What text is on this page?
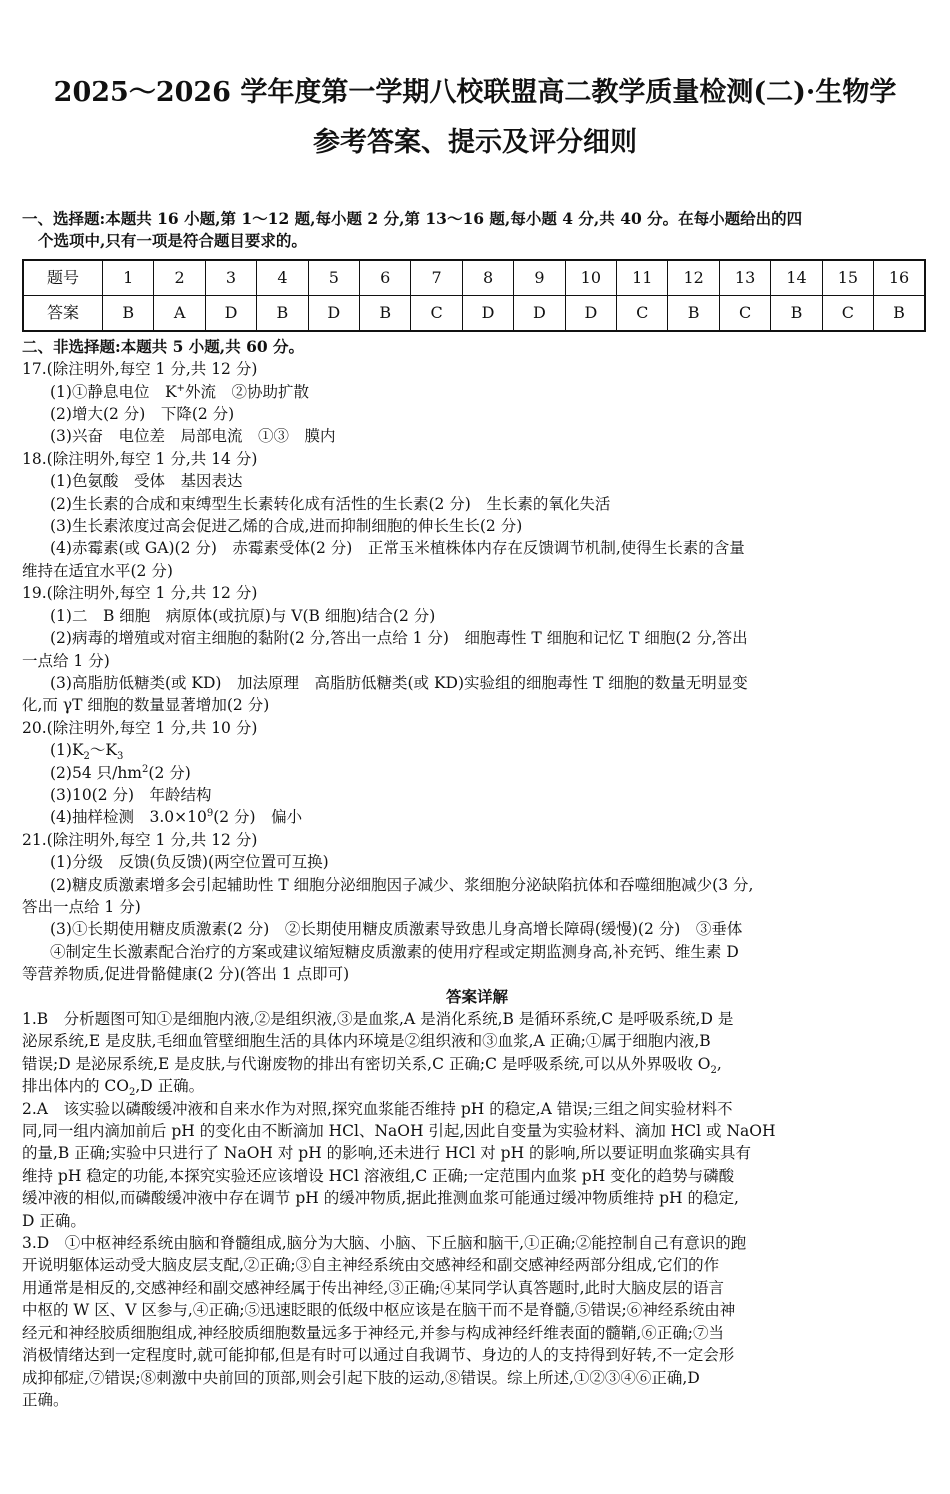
2025～2026 学年度第一学期八校联盟高二教学质量检测(二)·生物学
参考答案、提示及评分细则
一、选择题:本题共 16 小题,第 1～12 题,每小题 2 分,第 13～16 题,每小题 4 分,共 40 分。在每小题给出的四
个选项中,只有一项是符合题目要求的。
题号	1	2	3	4	5	6	7	8	9	10	11	12	13	14	15	16
答案	B	A	D	B	D	B	C	D	D	D	C	B	C	B	C	B
二、非选择题:本题共 5 小题,共 60 分。
17.(除注明外,每空 1 分,共 12 分)
(1)①静息电位　K+外流　②协助扩散
(2)增大(2 分)　下降(2 分)
(3)兴奋　电位差　局部电流　①③　膜内
18.(除注明外,每空 1 分,共 14 分)
(1)色氨酸　受体　基因表达
(2)生长素的合成和束缚型生长素转化成有活性的生长素(2 分)　生长素的氧化失活
(3)生长素浓度过高会促进乙烯的合成,进而抑制细胞的伸长生长(2 分)
(4)赤霉素(或 GA)(2 分)　赤霉素受体(2 分)　正常玉米植株体内存在反馈调节机制,使得生长素的含量
维持在适宜水平(2 分)
19.(除注明外,每空 1 分,共 12 分)
(1)二　B 细胞　病原体(或抗原)与 V(B 细胞)结合(2 分)
(2)病毒的增殖或对宿主细胞的黏附(2 分,答出一点给 1 分)　细胞毒性 T 细胞和记忆 T 细胞(2 分,答出
一点给 1 分)
(3)高脂肪低糖类(或 KD)　加法原理　高脂肪低糖类(或 KD)实验组的细胞毒性 T 细胞的数量无明显变
化,而 γT 细胞的数量显著增加(2 分)
20.(除注明外,每空 1 分,共 10 分)
$(1)K_2\sim K_3$
(2)54 只$/hm^2(2$ 分)
(3)10(2 分)　年龄结构
(4)抽样检测　$3.0\times 10^9(2$ 分)　偏小
21.(除注明外,每空 1 分,共 12 分)
(1)分级　反馈(负反馈)(两空位置可互换)
(2)糖皮质激素增多会引起辅助性 T 细胞分泌细胞因子减少、浆细胞分泌缺陷抗体和吞噬细胞减少(3 分,
答出一点给 1 分)
(3)①长期使用糖皮质激素(2 分)　②长期使用糖皮质激素导致患儿身高增长障碍(缓慢)(2 分)　③垂体
④制定生长激素配合治疗的方案或建议缩短糖皮质激素的使用疗程或定期监测身高,补充钙、维生素 D
等营养物质,促进骨骼健康(2 分)(答出 1 点即可)
答案详解
1.B　分析题图可知①是细胞内液,②是组织液,③是血浆,A 是消化系统,B 是循环系统,C 是呼吸系统,D 是
泌尿系统,E 是皮肤,毛细血管壁细胞生活的具体内环境是②组织液和③血浆,A 正确;①属于细胞内液,B
错误;D 是泌尿系统,E 是皮肤,与代谢废物的排出有密切关系,C 正确;C 是呼吸系统,可以从外界吸收 $O_2$,
排出体内的 $CO_2,D$ 正确。
2.A　该实验以磷酸缓冲液和自来水作为对照,探究血浆能否维持 pH 的稳定,A 错误;三组之间实验材料不
同,同一组内滴加前后 pH 的变化由不断滴加 HCl、NaOH 引起,因此自变量为实验材料、滴加 HCl 或 NaOH
的量,B 正确;实验中只进行了 NaOH 对 pH 的影响,还未进行 HCl 对 pH 的影响,所以要证明血浆确实具有
维持 pH 稳定的功能,本探究实验还应该增设 HCl 溶液组,C 正确;一定范围内血浆 pH 变化的趋势与磷酸
缓冲液的相似,而磷酸缓冲液中存在调节 pH 的缓冲物质,据此推测血浆可能通过缓冲物质维持 pH 的稳定,
D 正确。
3.D　①中枢神经系统由脑和脊髓组成,脑分为大脑、小脑、下丘脑和脑干,①正确;②能控制自己有意识的跑
开说明躯体运动受大脑皮层支配,②正确;③自主神经系统由交感神经和副交感神经两部分组成,它们的作
用通常是相反的,交感神经和副交感神经属于传出神经,③正确;④某同学认真答题时,此时大脑皮层的语言
中枢的 W 区、V 区参与,④正确;⑤迅速眨眼的低级中枢应该是在脑干而不是脊髓,⑤错误;⑥神经系统由神
经元和神经胶质细胞组成,神经胶质细胞数量远多于神经元,并参与构成神经纤维表面的髓鞘,⑥正确;⑦当
消极情绪达到一定程度时,就可能抑郁,但是有时可以通过自我调节、身边的人的支持得到好转,不一定会形
成抑郁症,⑦错误;⑧刺激中央前回的顶部,则会引起下肢的运动,⑧错误。综上所述,①②③④⑥正确,D
正确。
